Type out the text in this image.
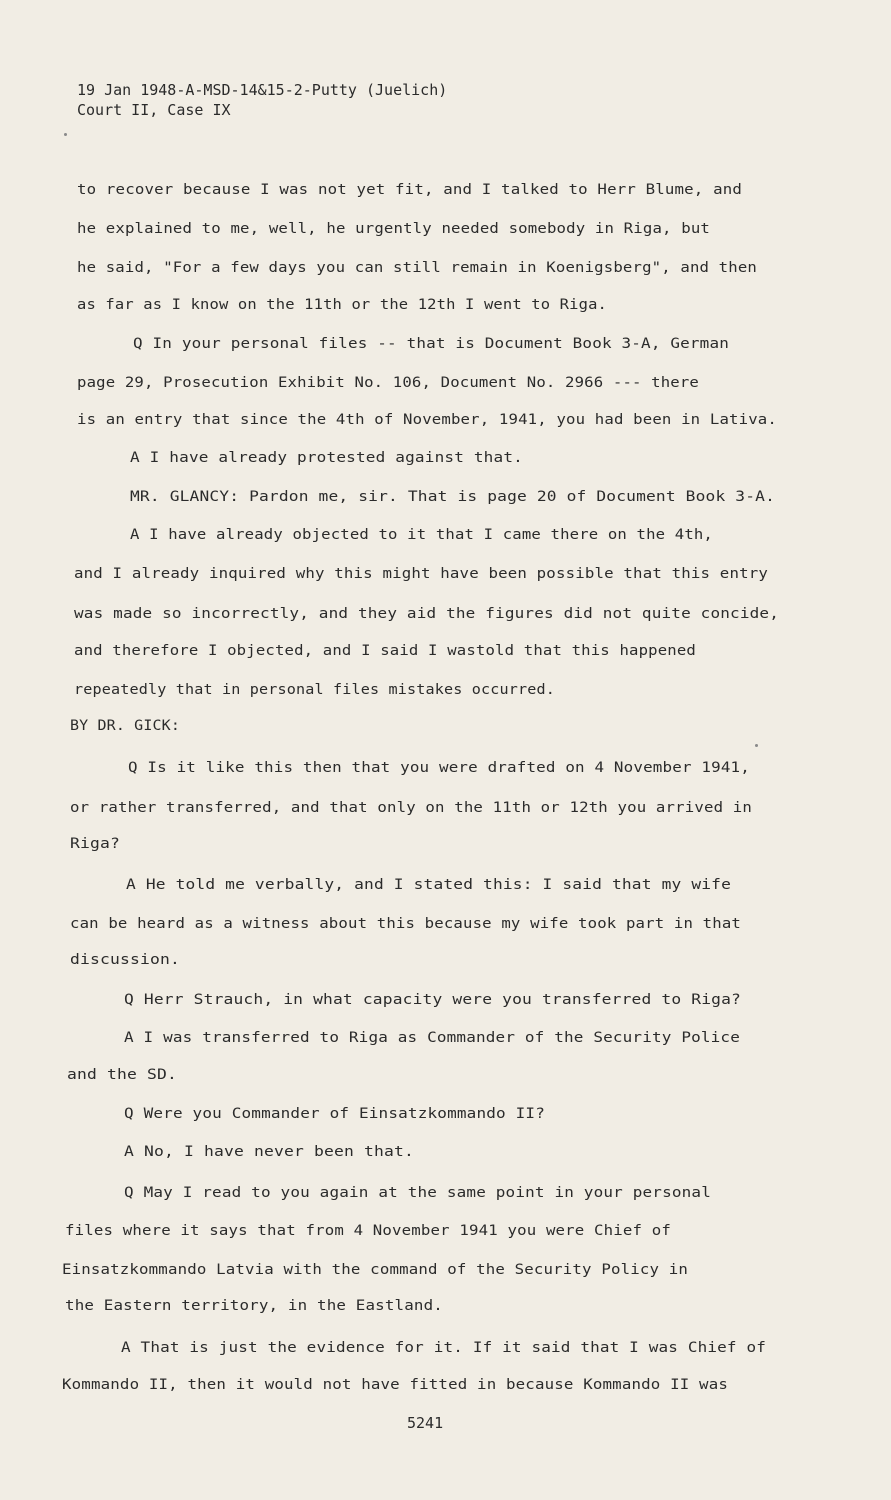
19 Jan 1948-A-MSD-14&15-2-Putty (Juelich)
Court II, Case IX
to recover because I was not yet fit, and I talked to Herr Blume, and
he explained to me, well, he urgently needed somebody in Riga, but
he said, "For a few days you can still remain in Koenigsberg", and then
as far as I know on the 11th or the 12th I went to Riga.
Q In your personal files -- that is Document Book 3-A, German
page 29, Prosecution Exhibit No. 106, Document No. 2966 --- there
is an entry that since the 4th of November, 1941, you had been in Lativa.
A I have already protested against that.
MR. GLANCY: Pardon me, sir. That is page 20 of Document Book 3-A.
A I have already objected to it that I came there on the 4th,
and I already inquired why this might have been possible that this entry
was made so incorrectly, and they aid the figures did not quite concide,
and therefore I objected, and I said I wastold that this happened
repeatedly that in personal files mistakes occurred.
BY DR. GICK:
Q Is it like this then that you were drafted on 4 November 1941,
or rather transferred, and that only on the 11th or 12th you arrived in
Riga?
A He told me verbally, and I stated this: I said that my wife
can be heard as a witness about this because my wife took part in that
discussion.
Q Herr Strauch, in what capacity were you transferred to Riga?
A I was transferred to Riga as Commander of the Security Police
and the SD.
Q Were you Commander of Einsatzkommando II?
A No, I have never been that.
Q May I read to you again at the same point in your personal
files where it says that from 4 November 1941 you were Chief of
Einsatzkommando Latvia with the command of the Security Policy in
the Eastern territory, in the Eastland.
A That is just the evidence for it. If it said that I was Chief of
Kommando II, then it would not have fitted in because Kommando II was
5241
